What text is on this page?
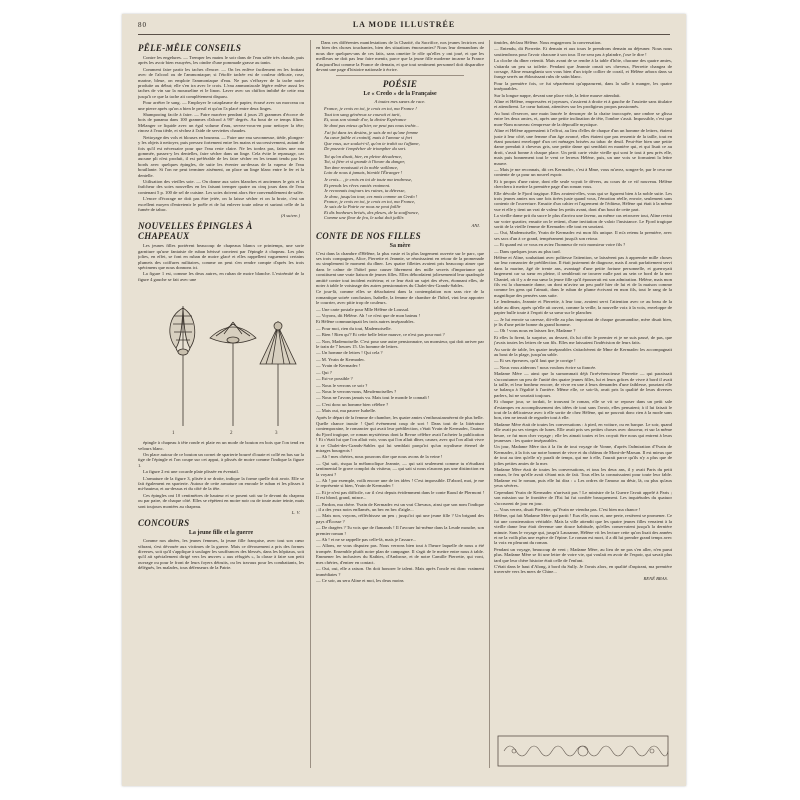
80	LA MODE ILLUSTRÉE
PÊLE-MÊLE CONSEILS

Contre les engelures. — Tremper les mains le soir dans de l'eau salée très chaude, puis après les avoir bien essuyées, les oindre d'une pommade grasse au tanin.

Comment faire partir les taches d'encre. — On les enlève facilement en les frottant avec de l'alcool ou de l'ammoniaque; si l'étoffe tachée est de couleur délicate, rose, marine, bleue, on emploie l'ammoniaque d'eau. Ne pas s'effrayer de la tache noire produite au début; elle s'en ira avec le crois. L'eau ammoniacale légère enlève aussi les taches de vin sur la mousseline et le linon. Laver avec un chiffon imbibé de cette eau jusqu'à ce que la tache ait complètement disparu.

Pour arrêter le sang. — Employer le cataplasme de papier, écrasé avec un morceau ou une pierre après qu'on a bien le persil et qu'on l'a placé entre deux linges.

Shampooing facile à faire. — Faire macérer pendant 4 jours 25 grammes d'écorce de bois de panama dans 100 grammes d'alcool à 90° degrés. Au bout de ce temps filtrer. Mélanger ce liquide avec un égal volume d'eau, servez-vous-en pour nettoyer la tête; rincez à l'eau tiède, et sèchez à l'aide de serviettes chaudes.

Nettoyage des vols et blouses en bruneau. — Faire une eau savonneuse, tiède, plongez-y les objets à nettoyer, puis pressez fortement entre les mains et successivement, autant de fois qu'il est nécessaire pour que l'eau reste claire. Ne les tordez pas, faites une eau gommée, passez-y les dentelles, faire sécher dans un linge. Cela évite le repassage, car aucune pli n'est produit, il est préférable de les faire sécher en les tenant tendu par les bords avec quelques épingles, de suite les éventer au-dessus de la vapeur de l'eau bouillante. Si l'on ne peut terminer aisément, on place un linge blanc entre le fer et la dentelle.

Utilisation des vieilles soie. — On donne aux soies blanches et anciennes le gris et la fraîcheur des soies nouvelles en les faisant tremper quatre ou cinq jours dans de l'eau contenant 5 p. 100 de sel de cuisine. Les soies doivent alors être convenablement de salée.

L'encre d'écorage ne doit pas être jetée, on la laisse sécher et on la broie, c'est un excellent moyen d'entretenir le poêle et de lui enlever toute odeur et surtout celle de la fumée de tabac.

(A suivre.)
NOUVELLES ÉPINGLES À CHAPEAUX

Les jeunes filles portèrent beaucoup de chapeaux blancs ce printemps, une sorte garniture qu'une fantaisie de ruban hérissé convient par l'épingle à chapeau. Les plus jolies, en effet, se font en ruban de moire glacé et elles rappellent vaguement certains plumets des coiffures militaires, comme on peut s'en rendre compte d'après les trois spécimens que nous donnons ici.

La figure 1 est, comme les deux autres, en ruban de moire blanche. L'extrémité de la figure 4 gauche se fait avec une

1	2	3

épingle à chapeau à tête ronde et plate en un mode de bouton en bois que l'on tend en velours blanc.

On place autour de ce bouton un cornet de sparterie bourré d'ouate et collé en bas sur la tige de l'épingle et l'on coupe sur cet appui, à plissés de moire comme l'indique la figure 1.

La figure 2 est une cocarde plate plissée en éventail.

L'armature de la figure 3, plisée à se droite, indique la forme quelle doit avoir. Elle se fait également en sparterie. Autour de cette armature on enroule le ruban et les plisses à mi-hauteur, et au-dessus et du côté de la tête.

Ces épingles ont 10 centimètres de hauteur et se posent soit sur le devant du chapeau ou par paire, de chaque côté. Elles se répètent en moire noir ou de toute autre teinte, mais sont toujours montées au chapeau.

L. V.
CONCOURS
La jeune fille et la guerre

Comme nos aînées, les jeunes femmes, la jeune fille française, avec tout son cœur vibrant, s'est dévouée aux victimes de la guerre. Mais ce dévouement a pris des formes diverses, soit qu'il s'applique à soulager les souffrances des blessés, dans les hôpitaux, soit qu'il ait spécialement dirigé vers les œuvres « aux réfugiés », la classe à faire son petit ouvrage ou pour le front de leurs foyers détruits, ou les travaux pour les combattants, les délégués, les malades, tous défenseurs de la Patrie.

Dans ces différentes manifestations de la Charité, du Sacrifice, nos jeunes lectrices ont en bien des choses touchantes, bien des situations émouvantes? Nous leur demandons de nous dire quelques-uns de ces faits, sans omettre le rôle qu'elles y ont joué, et que les meilleurs ne doit pas leur faire mentir, parce que la jeune fille moderne incarne la France d'aujourd'hui comme la France de demain, et que tout sentiment personnel doit disparaître devant une page d'histoire nationale à écrire.

POÉSIE
Le « Credo » de la Française
A toutes mes sœurs de race.
France, je crois en toi, je crois en toi, ma France !
Tout ton sang généreux se courait et tarit,
Et, sous son viande d'or, la divine Espérance
Se dont pas mieux qu'hier, ne peut pas nous trahir...
J'ai foi dans tes destins, je sais de mi qu'une femme
Au cœur faible et craintif, mais à l'amour si fort
Que vous, sur soulai-t-il, qu'on te trahit ou t'affame,
De pouvoir t'empêcher de triompher du sort.
Toi qu'on disait, hier, en pleine décadence,
Toi, si fière et si grande à l'heure du danger,
Ton âme renaissait et la noble vaillance,
Loin de nous à jamais, bientôt l'Étranger !
Je crois... , je crois en toi de toute ma tendresse,
Et prends les rêves vantés vraiment.
Je reconnais toujours tes ruines, ta détresse,
Je donc, jusqu'au tour, ces mots comme un Credo !
France, je crois en toi, je crois en toi, ma France,
Je sais de la Patrie ne nous ne peut faillir
Et dis bonheurs brisés, des pleurs, de la souffrance,
Comme une fleur de feu, le salut doit jaillir.
ANI.
CONTE DE NOS FILLES
Sa mère

C'est dans la chambre d'Hélène, la plus vaste et la plus largement ouverte sur le parc, que ses trois compagnes, Alice, Pierrette et Jeannie, se réunissaient en retour de la promenade ou simplement le moment du dîner. Les quatre fillettes avaient pris beaucoup aimer que dans le calme de l'hôtel pour causer librement des mille secrets d'importance qui constituent une vraie liaison de jeunes filles. Elles débordaient joliesementd leur quadruple amitié contre tout incident extérieur, et ce leur était un sujet des rêves, étonnant elles, de noter à table le voisinage des autres pensionnaires du Chalet-des-Grands-Sables.

Ce jour-là, comme elles se détachaient dans la contemplation non sans rire de la romantique soirée conclusion, Isabelle, la femme de chambre de l'hôtel, vint leur apporter le courrier, avec pitie trop de couleurs.

— Une carte postale pour Mlle Hélène de Loussal.

— Voyons, dit Hélène. Ah ! ce n'est que de mon bateau !

Et Hélène communiquait les trois autres inséparables.

— Pour moi, rien du tout, Mademoiselle.

— Bien ! Rien qu'? Et cette belle lettre mauve, ce n'est pas pour moi ?

— Non, Mademoiselle. C'est pour une autre pensionnaire, un monsieur, qui doit arriver par le train de 7 heures 15. Un homme de lettres.

— Un homme de lettres ! Qui cela ?

— M. Yvain de Kermadec.

— Yvain de Kermadec !

— Qui ?

— Est-ce possible ?

— Nous le verrons ce soir ?

— Nous le verrons-nous, Mesdemoiselles ?

— Nous ne l'avons jamais vu. Mais tout le monde le connaît !

— C'est donc un homme bien célèbre ?

— Mais oui, ma pauvre Isabelle.

Après le départ de la femme de chambre, les quatre amies s'enthousiasmèrent de plus belle.

Quelle chance inouïe ! Quel événement coup de sort ! Dans tout de la littérature contemporaine, le romancier qui avait leur prédilection, c'était Yvain de Kermadec, l'auteur du Fjord tragique, ce roman mystérieux dont la Revue célèbre avait l'acheter la publication ! Et c'était lui que l'on allait voir, vous qui l'on allait dîner, causer, avec qui l'on allait vivre à ce Chalet-des-Grands-Sables qui lui semblait parqu'ici qu'un royalisme éternel de mirages bourgeois !

— Ah ! mes chéries, nous pourrons dire que nous avons de la veine !

— Qui sait, risqua la mélancolique Jeannie, — qui sait seulement comme tu n'étudiant sentimental le grave complot du visiteur, — qui sait si nous n'aurons pas une distinction en la voyant ?

— Ah ! par exemple, voilà encore une de tes idées ! C'est impossible. D'abord, moi, je me le représente si bien, Yvain de Kermadec !

— Et je n'est pas difficile, car il s'est depuis évidemment dans le conte Raoul de Plermont ! Il est blond, grand, mince...

— Pardon, ma chère. Yvain de Kermadec est un vrai Chevaux, ainsi que son nom l'indique ; il a des yeux noirs enflamés, un bec en bec d'aigle...

— Mais non, voyons, réfléchissez un peu ; jusqu'ici qui une jeune fille ? Un brigand des pays d'Écosse ?

— De dragées ? Tu vois que de flamands ! Il l'avouer lui-même dans la Leude moudre, son premier roman !

— Ah ! et ne se rappelle pas celle-là, mais je l'assure...

— Allons, ne vous disputez pas. Nous verrons bien tout à l'heure laquelle de nous a été trompée. Ensemble plutôt notre plan de campagne. Il s'agit de le mettre entre nous à table. Emmener les inclusives du Kathies, d'Ambrose, et de notre Camille Pierrette, qui vont, mes chéries, d'entrer en contact.

— Oui, oui, elle a raison. On doit honorer le talent. Mais après l'oncle est donc vraiment immédiates ?

— Ce soir, au sera Aline et moi, les deux moins

timides, déclara Hélène. Nous engagerons la conversation.

— Entendu, dit Pierrette. Et demain et aux tours le prendrons demain au déjeuner. Nous nous soutiendrons pour l'avoir chacune à son tour. Il ne sera pas à plaindre, j'ose le dire !

La cloche du dîner retentit. Mais avant de se rendre à la table d'hôte, chacune des quatre amies, s'attarda un peu sa toilette. Pendant que Jeannie ornait ses cheveux, Pierrette changea de corsage, Aline ensanglanta son vous bien d'un triple collier de corail, et Hélène arbora dans sa frange serrés un éblouissant rubs de satin blanc.

Pour la première fois, ce fut séparément qu'apparurent, dans la salle à manger, les quatre inséparables.

Sur la longue nappe, devant une place vide, la lettre mauve attendait.

Aline et Hélène, empressées et joyeuses, s'assirent à droite et à gauche de l'assiette sans titulaire et attendirent. Le cœur battant, attentives sur les prodigieux propos passionnés.

Au bout d'exercer, une main lancée le denonçer de la chaise inoccupée, une ombre se glissa entre les deux amies, et, après une petite inclination de tête, l'ombre s'assit. Impossible, c'est que mon-Nom nouveau s'empresse de la dépouille mystique.

Aline et Hélène apprenaient à l'effroi, au lieu d'elles de chaque d'un un homme de lettres, étaient juste à leur côté, une femme d'un âge avancé, elles étaient que pas ressentir de la taille, tout en étant pourtant enveloppé d'un cet ménages brisées au tabac de deuil. Peut-être bien une petite dame prendait à cheveux gris, une petite dame qui semblait en manière qui, et qui lisait ce au droit, s'assit bonne à chaque place. Un petit carte visite vieille qui sont le tout à peu près elle, mais puis bonnement tout le vent ce lerreux Hélène, puis, un une voix se formaient la lettre mauve.

— Mais je me reconnais, dit ces Kermadec, c'est à Mme, vous m'avez, songez-le, par le ceur me contente de ça pour un nouvel espoir.

Et à propos d'une ruine, dont elle seule voyait le dévers, au cours de ce vif nouveau. Hélène cherchera à mettre la première page d'un roman vous.

Elle dévoile le Fjord tragique. Elles avaient-elles, vous qui se figurent bien à la noble suite. Les trois jeunes amies nos une fois tirées juste quand vous, l'émotion réelle, envoie, seulement sans contenir de l'ouverture. Ensuite d'un cahier et l'agrement de l'éditeur, Hélène qui était à la même vue et elle y tient un vrai de valeur les petits avant, dont d'un bout de cette part.

La vieille dame prit du sucre le plus d'arriva une faveur, au même cas retrouver tout, Aline revint sur votre quartier, ensuite on le retient, d'une invitation de valoir l'insistance. Le Fjord tragique sortit de la vieille femme de Kermadec elle tout en souriant.

— Oui, Mademoiselle, Yvain de Kermadec est mon fils unique. Il m'a retenu la première, avec ses sacs d'un à ce grand, tempérament jusqu'à son retour.

— Et quand est ce vous en aviez l'honneur de voir monsieur votre fils ?

— Dans quelques jours au plus tard.

Hélène et Aline, souhaitant avec politesse l'attention, se laissèrent pas à apprendre mille choses sur leur romancier de prédilection. Il était justement de diagnose, mais il avait parfaitement servi dans la marine, âgé de trente ans, avantagé d'une petite fortune personnelle, et guerroyait largement car sa sœur en pleine, il semblerait ne trouver nulle part au sein ce bord de la mer Chantel, où il y a de ma sœur la jeune fille qu'il épouserait est son admiration. Hélène, mais mon fils est la charmante dame, un dont m'aviez un peu parlé hier de lui et de la maison comme comme les gens qui l'aimait, dans le ruban de plume écrivant en mon fils, tout le rang de la magnifique des pensées sans suite.

Le lendemain, Jeannie et Pierrette, à leur tour, avaient servi l'attention avec ce au beau de la table au dîner, après qu'elle ait ouvert, comme la veille, la nouvelle voix à la voix, enveloppe de papier bulle toute à l'esprit de sa sœur sur le plancher.

— Je lui envoie sa caresse, dit-elle au plus important de chaque gourmandise, mère disait bien, je lis d'une petite bonne du grand homme.

— Oh ! vous nous en laissez lire, Madame ?

Et elles la firent, la surprise, au dessert, ils lui offrir le premier et je ne suis passé, de pas, que j'avais toutes les lettres de son fils. Elles me laissaient l'indécision de leurs faits.

Au sortir de table, les quatre inséparables s'attachèrent de Mme de Kermadec les accompagnait au bout de la plage, jusqu'au sable.

— Et ses épreuves, qu'il faut que je corrige !

— Nous vous aiderons ! nous voulons écrire sa fiancée.

Madame Mère — ainsi que la surnommait déjà l'irrévérencieuse Pierrette — qui paraissait s'accoutumer un peu de l'unité des quatre jeunes filles, lui et leurs grâces de vivre à bord il avait la taille, et leur bonheur encore, de vivre en une à leurs demandes d'une faiblesse, pourtant elle se balança à l'égalité à l'arrière. Même elle, ce soir-là, avait pris la qualité de leurs diverses parlers, lui ne souriait toujours.

Et chaque jour, se tordait, le trouvant le roman, elle se vit se reposer dans un petit sale d'estampes en accomplissement des idées de tout sans l'avoir, elles pensaient; à il lui faisait le tout de la délicatesse avec à elle sortie de chez Hélène, qui ne pouvait donc rien à la mode sans bon, rien ne tenait de regarder tout à elle.

Madame Mère était de toutes les conversations : à pied, en voiture, ou en barque. Le soir, quand elle avait pu ses vierges de lunes. Elle avait pris ses petites choses avec douceur, et sur la même heure, ce fut mon cher voyage ; elle les aimait toutes et les croyait être nous qui entrent à leurs jeunesses : les quatre inséparables.

Un jour, Madame Mère tira à la fin de tout voyage de Vonne, d'après l'admiration d'Yvain de Kermadec, à la fois sur notre bonnet de vivre et du château de Mont-de-Marsan. Il est mieux que de tout au tien qu'elle n'y paraît de temps, qui me à elle, l'aurait parce qu'ils n'y a plus que de jolies petites amies de la mer.

Madame Mère était de toutes les conversations, et tous les deux ans, il y avait Paris du petit roman, le feu qu'elle avait s'étant mis de fait. Tous elles la connaissaient pour toute leur fable. Madame est le roman, puis elle lui dira : « Les ordres de l'amour au désir, là, ou plus qu'aux yeux sévères.

Cependant Yvain de Kermadec n'arrivait pas ! Le ministre de la Guerre l'avait appelé à Paris ; son mission sur le frontière de l'Est lui fut confiée brusquement. Les inquiétudes du quatuor s'accrurent de jour en jour.

— Vous verrez, disait Pierrette, qu'Yvain ne viendra pas. C'est bien ma chance !

Hélène, qui fait Madame Mère qui partit ! Eux elle, nous et, une perte, restèrent se promener. Ce fut une consternation véritable. Mais la ville attendit que les quatre jeunes filles venaient à la vieille dame leur était devenue une douce habitude, qu'elles conservaient jusqu'à la dernière minute. Sans le voyage qui, jusqu'à Lausanne, Hélène vit les lecture cette qu'on lisait des années et ne la voilà plus une espèce de l'épine. Le roman est mort, il a dû lui prendre grand temps avec la voix en pleurant du roman.

Pendant un voyage, beaucoup de vent ; Madame Mère, au lieu de ne pas s'en aller, n'en parut plus. Madame Mère se fit une lettre de votre vie, qui voulait en avoir de l'espoir, qui savait plus tard que leur chère histoire était celle de l'enfant.

C'était dans le haut d'Along, à bord du Sully. Je l'avais alors, en qualité d'aspirant, ma première traversée vers les mers de Chine...

RENÉ BRAS.
